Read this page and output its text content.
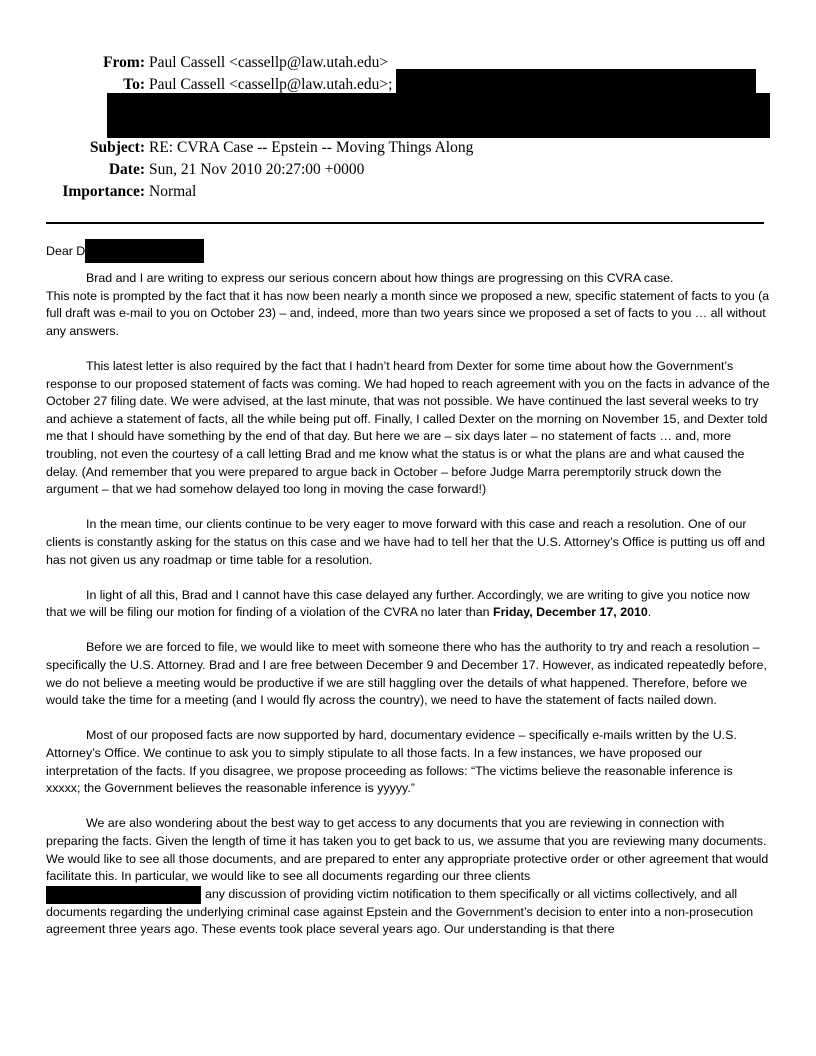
From: Paul Cassell <cassellp@law.utah.edu>
To: Paul Cassell <cassellp@law.utah.edu>;
Subject: RE: CVRA Case -- Epstein -- Moving Things Along
Date: Sun, 21 Nov 2010 20:27:00 +0000
Importance: Normal
Dear D

Brad and I are writing to express our serious concern about how things are progressing on this CVRA case.

This note is prompted by the fact that it has now been nearly a month since we proposed a new, specific statement of facts to you (a full draft was e-mail to you on October 23) – and, indeed, more than two years since we proposed a set of facts to you … all without any answers.

This latest letter is also required by the fact that I hadn’t heard from Dexter for some time about how the Government’s response to our proposed statement of facts was coming. We had hoped to reach agreement with you on the facts in advance of the October 27 filing date. We were advised, at the last minute, that was not possible. We have continued the last several weeks to try and achieve a statement of facts, all the while being put off. Finally, I called Dexter on the morning on November 15, and Dexter told me that I should have something by the end of that day. But here we are – six days later – no statement of facts … and, more troubling, not even the courtesy of a call letting Brad and me know what the status is or what the plans are and what caused the delay. (And remember that you were prepared to argue back in October – before Judge Marra peremptorily struck down the argument – that we had somehow delayed too long in moving the case forward!)

In the mean time, our clients continue to be very eager to move forward with this case and reach a resolution. One of our clients is constantly asking for the status on this case and we have had to tell her that the U.S. Attorney’s Office is putting us off and has not given us any roadmap or time table for a resolution.

In light of all this, Brad and I cannot have this case delayed any further. Accordingly, we are writing to give you notice now that we will be filing our motion for finding of a violation of the CVRA no later than Friday, December 17, 2010.

Before we are forced to file, we would like to meet with someone there who has the authority to try and reach a resolution – specifically the U.S. Attorney. Brad and I are free between December 9 and December 17. However, as indicated repeatedly before, we do not believe a meeting would be productive if we are still haggling over the details of what happened. Therefore, before we would take the time for a meeting (and I would fly across the country), we need to have the statement of facts nailed down.

Most of our proposed facts are now supported by hard, documentary evidence – specifically e-mails written by the U.S. Attorney’s Office. We continue to ask you to simply stipulate to all those facts. In a few instances, we have proposed our interpretation of the facts. If you disagree, we propose proceeding as follows: “The victims believe the reasonable inference is xxxxx; the Government believes the reasonable inference is yyyyy.”

We are also wondering about the best way to get access to any documents that you are reviewing in connection with preparing the facts. Given the length of time it has taken you to get back to us, we assume that you are reviewing many documents. We would like to see all those documents, and are prepared to enter any appropriate protective order or other agreement that would facilitate this. In particular, we would like to see all documents regarding our three clients
any discussion of providing victim notification to them specifically or all victims collectively, and all documents regarding the underlying criminal case against Epstein and the Government’s decision to enter into a non-prosecution agreement three years ago. These events took place several years ago. Our understanding is that there
